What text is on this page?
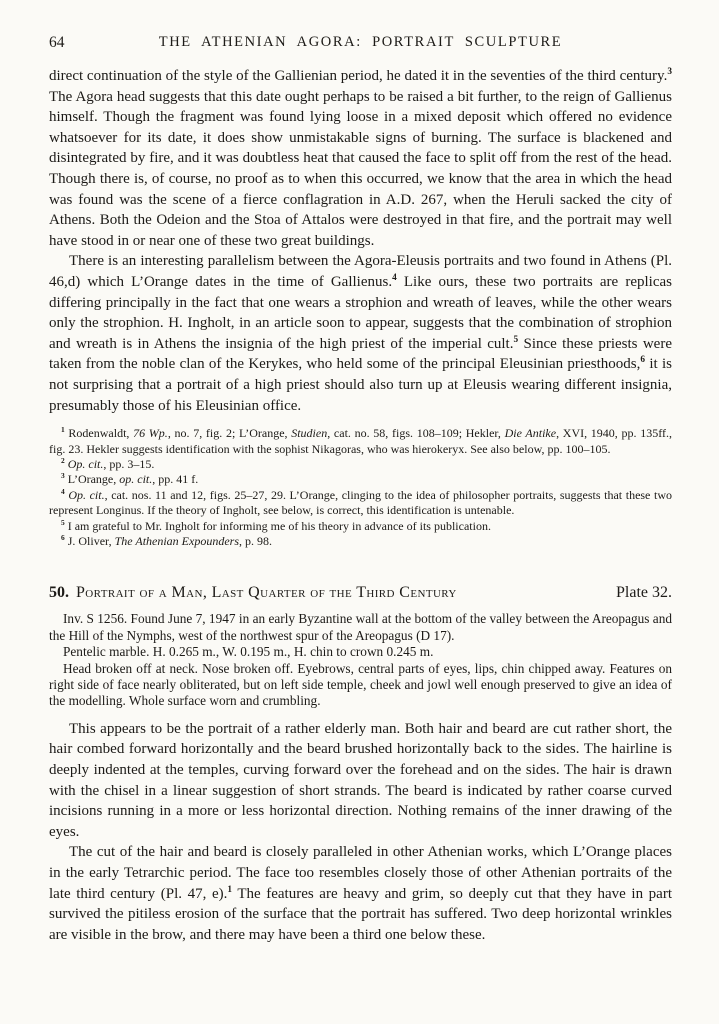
64	THE ATHENIAN AGORA: PORTRAIT SCULPTURE

direct continuation of the style of the Gallienian period, he dated it in the seventies of the third century.$^3$ The Agora head suggests that this date ought perhaps to be raised a bit further, to the reign of Gallienus himself. Though the fragment was found lying loose in a mixed deposit which offered no evidence whatsoever for its date, it does show unmistakable signs of burning. The surface is blackened and disintegrated by fire, and it was doubtless heat that caused the face to split off from the rest of the head. Though there is, of course, no proof as to when this occurred, we know that the area in which the head was found was the scene of a fierce conflagration in A.D. 267, when the Heruli sacked the city of Athens. Both the Odeion and the Stoa of Attalos were destroyed in that fire, and the portrait may well have stood in or near one of these two great buildings.

There is an interesting parallelism between the Agora-Eleusis portraits and two found in Athens (Pl. 46,d) which L’Orange dates in the time of Gallienus.$^4$ Like ours, these two portraits are replicas differing principally in the fact that one wears a strophion and wreath of leaves, while the other wears only the strophion. H. Ingholt, in an article soon to appear, suggests that the combination of strophion and wreath is in Athens the insignia of the high priest of the imperial cult.$^5$ Since these priests were taken from the noble clan of the Kerykes, who held some of the principal Eleusinian priesthoods,$^6$ it is not surprising that a portrait of a high priest should also turn up at Eleusis wearing different insignia, presumably those of his Eleusinian office.

$^1$ Rodenwaldt, 76 Wp., no. 7, fig. 2; L’Orange, Studien, cat. no. 58, figs. 108–109; Hekler, Die Antike, XVI, 1940, pp. 135ff., fig. 23. Hekler suggests identification with the sophist Nikagoras, who was hierokeryx. See also below, pp. 100–105.

$^2$ Op. cit., pp. 3–15.

$^3$ L’Orange, op. cit., pp. 41 f.

$^4$ Op. cit., cat. nos. 11 and 12, figs. 25–27, 29. L’Orange, clinging to the idea of philosopher portraits, suggests that these two represent Longinus. If the theory of Ingholt, see below, is correct, this identification is untenable.

$^5$ I am grateful to Mr. Ingholt for informing me of his theory in advance of its publication.

$^6$ J. Oliver, The Athenian Expounders, p. 98.

50. Portrait of a Man, Last Quarter of the Third Century	Plate 32.

Inv. S 1256. Found June 7, 1947 in an early Byzantine wall at the bottom of the valley between the Areopagus and the Hill of the Nymphs, west of the northwest spur of the Areopagus (D 17).

Pentelic marble. H. 0.265 m., W. 0.195 m., H. chin to crown 0.245 m.

Head broken off at neck. Nose broken off. Eyebrows, central parts of eyes, lips, chin chipped away. Features on right side of face nearly obliterated, but on left side temple, cheek and jowl well enough preserved to give an idea of the modelling. Whole surface worn and crumbling.

This appears to be the portrait of a rather elderly man. Both hair and beard are cut rather short, the hair combed forward horizontally and the beard brushed horizontally back to the sides. The hairline is deeply indented at the temples, curving forward over the forehead and on the sides. The hair is drawn with the chisel in a linear suggestion of short strands. The beard is indicated by rather coarse curved incisions running in a more or less horizontal direction. Nothing remains of the inner drawing of the eyes.

The cut of the hair and beard is closely paralleled in other Athenian works, which L’Orange places in the early Tetrarchic period. The face too resembles closely those of other Athenian portraits of the late third century (Pl. 47, e).$^1$ The features are heavy and grim, so deeply cut that they have in part survived the pitiless erosion of the surface that the portrait has suffered. Two deep horizontal wrinkles are visible in the brow, and there may have been a third one below these.
